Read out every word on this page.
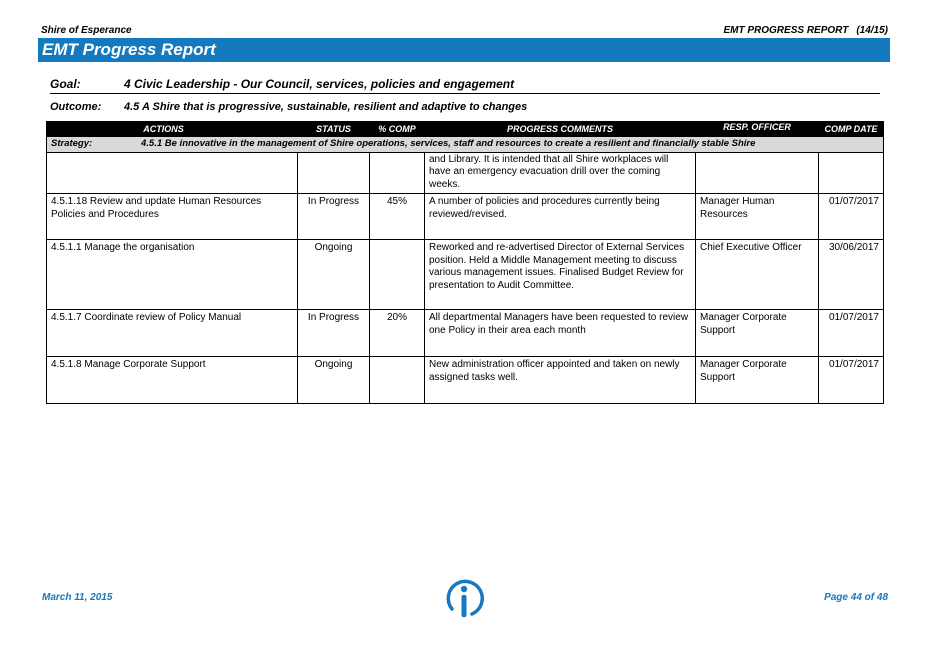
Shire of Esperance	EMT PROGRESS REPORT (14/15)
EMT Progress Report
Goal:	4 Civic Leadership - Our Council, services, policies and engagement
Outcome: 4.5 A Shire that is progressive, sustainable, resilient and adaptive to changes
ACTIONS	STATUS	% COMP	PROGRESS COMMENTS	RESP. OFFICER	COMP DATE
Strategy: 4.5.1 Be innovative in the management of Shire operations, services, staff and resources to create a resilient and financially stable Shire					
			and Library. It is intended that all Shire workplaces will have an emergency evacuation drill over the coming weeks.		
4.5.1.18 Review and update Human Resources Policies and Procedures	In Progress	45%	A number of policies and procedures currently being reviewed/revised.	Manager Human Resources	01/07/2017
4.5.1.1 Manage the organisation	Ongoing		Reworked and re-advertised Director of External Services position. Held a Middle Management meeting to discuss various management issues. Finalised Budget Review for presentation to Audit Committee.	Chief Executive Officer	30/06/2017
4.5.1.7 Coordinate review of Policy Manual	In Progress	20%	All departmental Managers have been requested to review one Policy in their area each month	Manager Corporate Support	01/07/2017
4.5.1.8 Manage Corporate Support	Ongoing		New administration officer appointed and taken on newly assigned tasks well.	Manager Corporate Support	01/07/2017
March 11, 2015	Page 44 of 48
